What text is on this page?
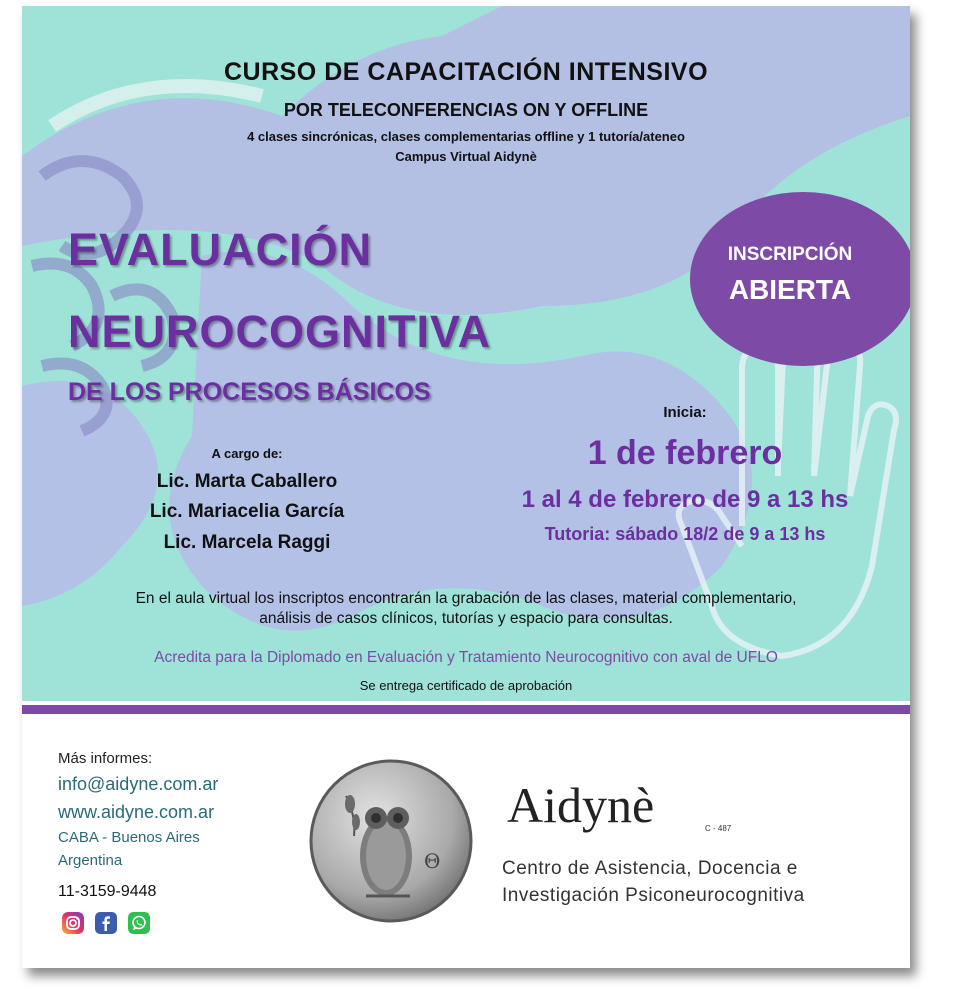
CURSO DE CAPACITACIÓN INTENSIVO
POR TELECONFERENCIAS ON Y OFFLINE
4 clases sincrónicas, clases complementarias offline y 1 tutoría/ateneo
Campus Virtual Aidynè
EVALUACIÓN
NEUROCOGNITIVA
DE LOS PROCESOS BÁSICOS
INSCRIPCIÓN
ABIERTA
A cargo de:
Lic. Marta Caballero
Lic. Mariacelia García
Lic. Marcela Raggi
Inicia:
1 de febrero
1 al 4 de febrero de 9 a 13 hs
Tutoria: sábado 18/2 de 9 a 13 hs
En el aula virtual los inscriptos encontrarán la grabación de las clases, material complementario,
análisis de casos clínicos, tutorías y espacio para consultas.
Acredita para la Diplomado en Evaluación y Tratamiento Neurocognitivo con aval de UFLO
Se entrega certificado de aprobación
Más informes:
info@aidyne.com.ar
www.aidyne.com.ar
CABA - Buenos Aires
Argentina
11-3159-9448
Θ
Aidynè	C - 487
Centro de Asistencia, Docencia e
Investigación Psiconeurocognitiva
